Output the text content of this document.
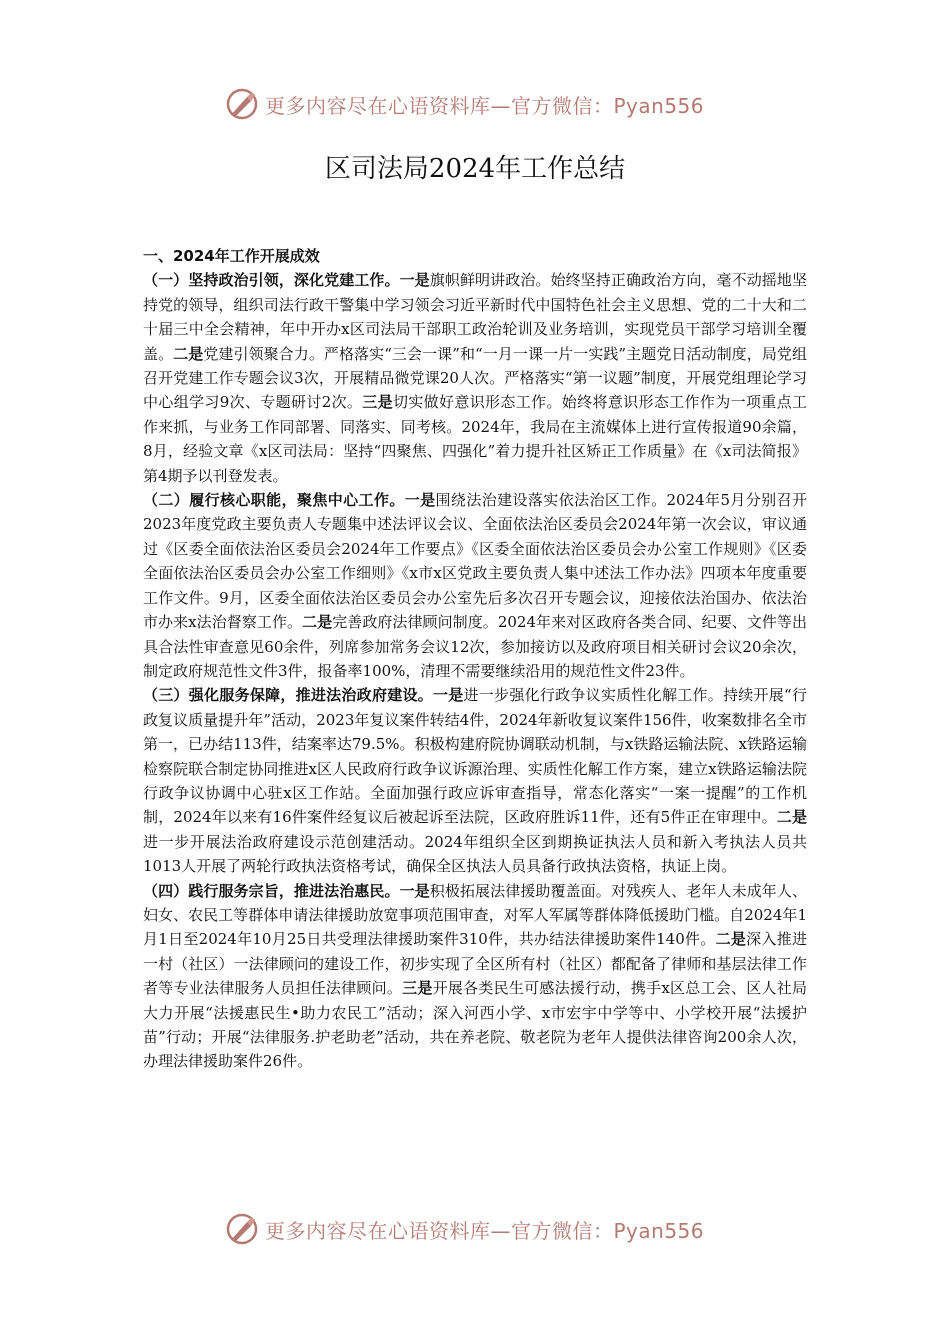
更多内容尽在心语资料库—官方微信：Pyan556
区司法局2024年工作总结

一、2024年工作开展成效

（一）坚持政治引领，深化党建工作。一是旗帜鲜明讲政治。始终坚持正确政治方向，毫不动摇地坚持党的领导，组织司法行政干警集中学习领会习近平新时代中国特色社会主义思想、党的二十大和二十届三中全会精神，年中开办x区司法局干部职工政治轮训及业务培训，实现党员干部学习培训全覆盖。二是党建引领聚合力。严格落实“三会一课”和“一月一课一片一实践”主题党日活动制度，局党组召开党建工作专题会议3次，开展精品微党课20人次。严格落实“第一议题”制度，开展党组理论学习中心组学习9次、专题研讨2次。三是切实做好意识形态工作。始终将意识形态工作作为一项重点工作来抓，与业务工作同部署、同落实、同考核。2024年，我局在主流媒体上进行宣传报道90余篇，8月，经验文章《x区司法局：坚持“四聚焦、四强化”着力提升社区矫正工作质量》在《x司法简报》第4期予以刊登发表。

（二）履行核心职能，聚焦中心工作。一是围绕法治建设落实依法治区工作。2024年5月分别召开2023年度党政主要负责人专题集中述法评议会议、全面依法治区委员会2024年第一次会议，审议通过《区委全面依法治区委员会2024年工作要点》《区委全面依法治区委员会办公室工作规则》《区委全面依法治区委员会办公室工作细则》《x市x区党政主要负责人集中述法工作办法》四项本年度重要工作文件。9月，区委全面依法治区委员会办公室先后多次召开专题会议，迎接依法治国办、依法治市办来x法治督察工作。二是完善政府法律顾问制度。2024年来对区政府各类合同、纪要、文件等出具合法性审查意见60余件，列席参加常务会议12次，参加接访以及政府项目相关研讨会议20余次，制定政府规范性文件3件，报备率100%，清理不需要继续沿用的规范性文件23件。

（三）强化服务保障，推进法治政府建设。一是进一步强化行政争议实质性化解工作。持续开展“行政复议质量提升年”活动，2023年复议案件转结4件，2024年新收复议案件156件，收案数排名全市第一，已办结113件，结案率达79.5%。积极构建府院协调联动机制，与x铁路运输法院、x铁路运输检察院联合制定协同推进x区人民政府行政争议诉源治理、实质性化解工作方案，建立x铁路运输法院行政争议协调中心驻x区工作站。全面加强行政应诉审查指导，常态化落实“一案一提醒”的工作机制，2024年以来有16件案件经复议后被起诉至法院，区政府胜诉11件，还有5件正在审理中。二是进一步开展法治政府建设示范创建活动。2024年组织全区到期换证执法人员和新入考执法人员共1013人开展了两轮行政执法资格考试，确保全区执法人员具备行政执法资格，执证上岗。

（四）践行服务宗旨，推进法治惠民。一是积极拓展法律援助覆盖面。对残疾人、老年人未成年人、妇女、农民工等群体申请法律援助放宽事项范围审查，对军人军属等群体降低援助门槛。自2024年1月1日至2024年10月25日共受理法律援助案件310件，共办结法律援助案件140件。二是深入推进一村（社区）一法律顾问的建设工作，初步实现了全区所有村（社区）都配备了律师和基层法律工作者等专业法律服务人员担任法律顾问。三是开展各类民生可感法援行动，携手x区总工会、区人社局大力开展“法援惠民生•助力农民工”活动；深入河西小学、x市宏宇中学等中、小学校开展“法援护苗”行动；开展“法律服务.护老助老”活动，共在养老院、敬老院为老年人提供法律咨询200余人次，办理法律援助案件26件。

更多内容尽在心语资料库—官方微信：Pyan556
